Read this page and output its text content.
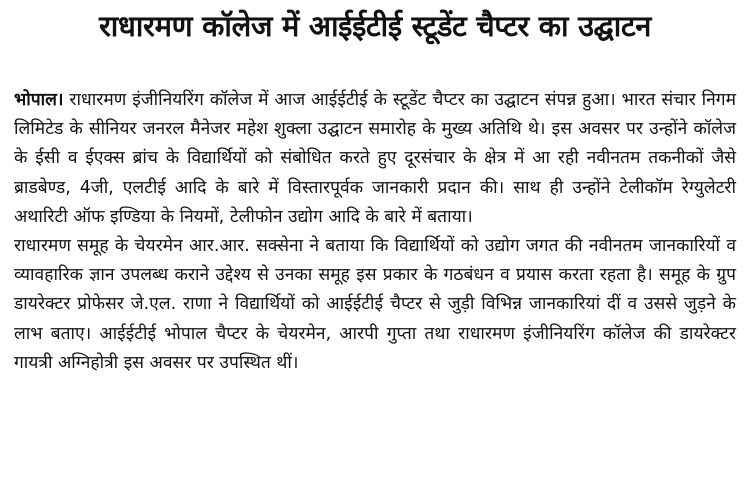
राधारमण कॉलेज में आईईटीई स्टूडेंट चैप्टर का उद्घाटन

भोपाल। राधारमण इंजीनियरिंग कॉलेज में आज आईईटीई के स्टूडेंट चैप्टर का उद्घाटन संपन्न हुआ। भारत संचार निगम लिमिटेड के सीनियर जनरल मैनेजर महेश शुक्ला उद्घाटन समारोह के मुख्य अतिथि थे। इस अवसर पर उन्होंने कॉलेज के ईसी व ईएक्स ब्रांच के विद्यार्थियों को संबोधित करते हुए दूरसंचार के क्षेत्र में आ रही नवीनतम तकनीकों जैसे ब्राडबेण्ड, 4जी, एलटीई आदि के बारे में विस्तारपूर्वक जानकारी प्रदान की। साथ ही उन्होंने टेलीकॉम रेग्युलेटरी अथारिटी ऑफ इण्डिया के नियमों, टेलीफोन उद्योग आदि के बारे में बताया।

राधारमण समूह के चेयरमेन आर.आर. सक्सेना ने बताया कि विद्यार्थियों को उद्योग जगत की नवीनतम जानकारियों व व्यावहारिक ज्ञान उपलब्ध कराने उद्देश्य से उनका समूह इस प्रकार के गठबंधन व प्रयास करता रहता है। समूह के ग्रुप डायरेक्टर प्रोफेसर जे.एल. राणा ने विद्यार्थियों को आईईटीई चैप्टर से जुड़ी विभिन्न जानकारियां दीं व उससे जुड़ने के लाभ बताए। आईईटीई भोपाल चैप्टर के चेयरमेन, आरपी गुप्ता तथा राधारमण इंजीनियरिंग कॉलेज की डायरेक्टर गायत्री अग्निहोत्री इस अवसर पर उपस्थित थीं।
